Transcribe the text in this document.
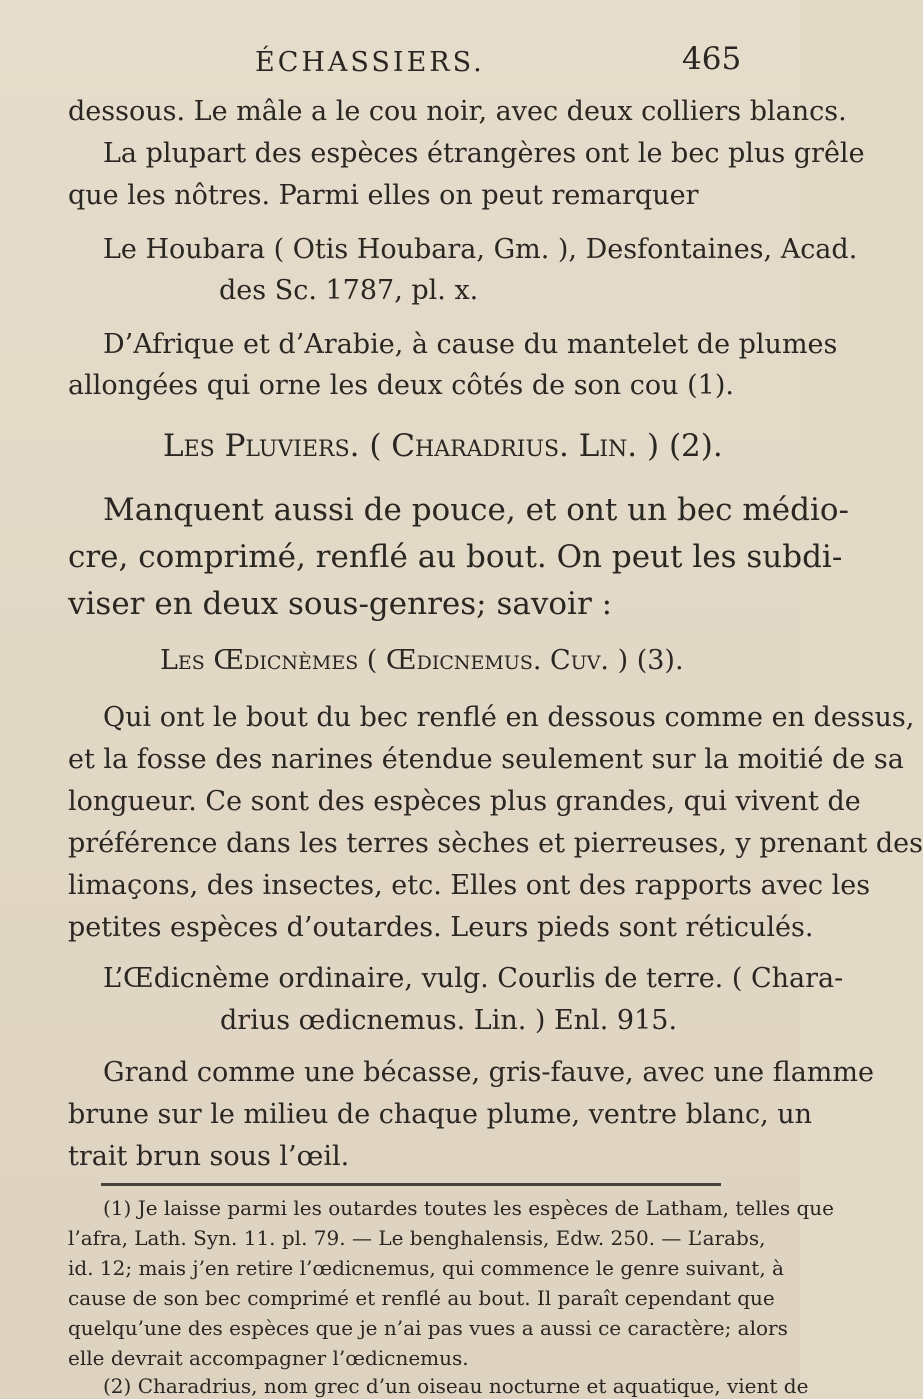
ÉCHASSIERS.	465
dessous. Le mâle a le cou noir, avec deux colliers blancs.
La plupart des espèces étrangères ont le bec plus grêle
que les nôtres. Parmi elles on peut remarquer
Le Houbara ( Otis Houbara, Gm. ), Desfontaines, Acad.
des Sc. 1787, pl. x.
D’Afrique et d’Arabie, à cause du mantelet de plumes
allongées qui orne les deux côtés de son cou (1).
Les Pluviers. ( Charadrius. Lin. ) (2).
Manquent aussi de pouce, et ont un bec médio-
cre, comprimé, renflé au bout. On peut les subdi-
viser en deux sous-genres; savoir :
Les Œdicnèmes ( Œdicnemus. Cuv. ) (3).
Qui ont le bout du bec renflé en dessous comme en dessus,
et la fosse des narines étendue seulement sur la moitié de sa
longueur. Ce sont des espèces plus grandes, qui vivent de
préférence dans les terres sèches et pierreuses, y prenant des
limaçons, des insectes, etc. Elles ont des rapports avec les
petites espèces d’outardes. Leurs pieds sont réticulés.
L’Œdicnème ordinaire, vulg. Courlis de terre. ( Chara-
drius œdicnemus. Lin. ) Enl. 915.
Grand comme une bécasse, gris-fauve, avec une flamme
brune sur le milieu de chaque plume, ventre blanc, un
trait brun sous l’œil.
(1) Je laisse parmi les outardes toutes les espèces de Latham, telles que
l’afra, Lath. Syn. 11. pl. 79. — Le benghalensis, Edw. 250. — L’arabs,
id. 12; mais j’en retire l’œdicnemus, qui commence le genre suivant, à
cause de son bec comprimé et renflé au bout. Il paraît cependant que
quelqu’une des espèces que je n’ai pas vues a aussi ce caractère; alors
elle devrait accompagner l’œdicnemus.
(2) Charadrius, nom grec d’un oiseau nocturne et aquatique, vient de
